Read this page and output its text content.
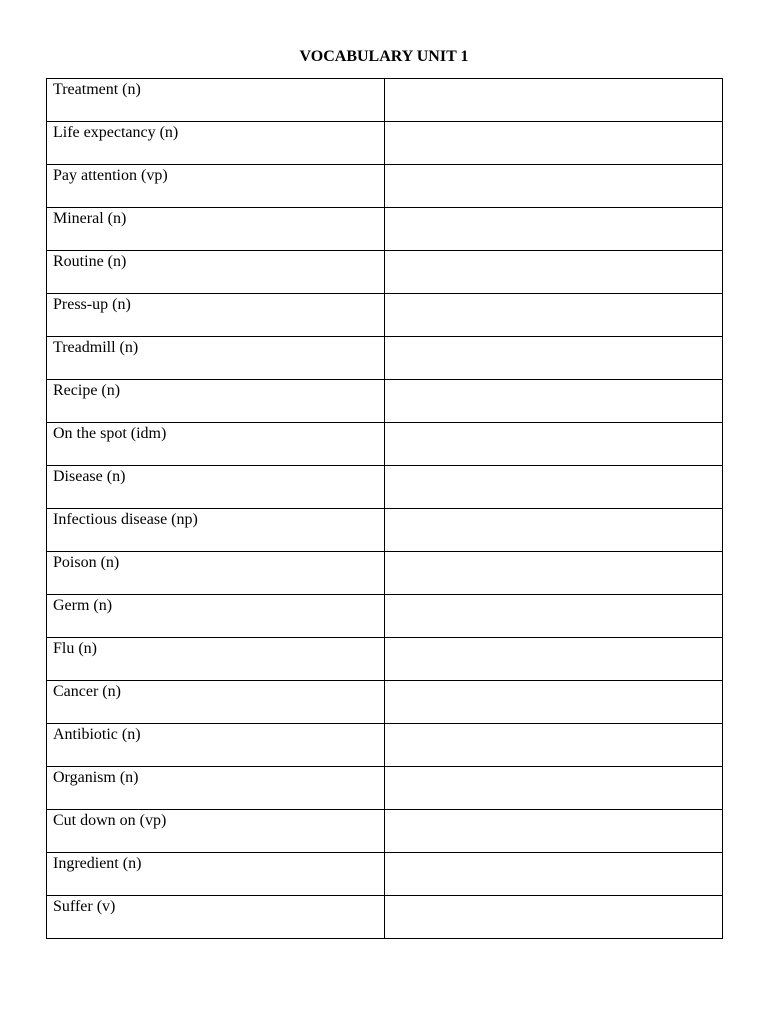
VOCABULARY UNIT 1
Treatment (n)	

Life expectancy (n)	

Pay attention (vp)	

Mineral (n)	

Routine (n)	

Press-up (n)	

Treadmill (n)	

Recipe (n)	

On the spot (idm)	

Disease (n)	

Infectious disease (np)	

Poison (n)	

Germ (n)	

Flu (n)	

Cancer (n)	

Antibiotic (n)	

Organism (n)	

Cut down on (vp)	

Ingredient (n)	

Suffer (v)	
